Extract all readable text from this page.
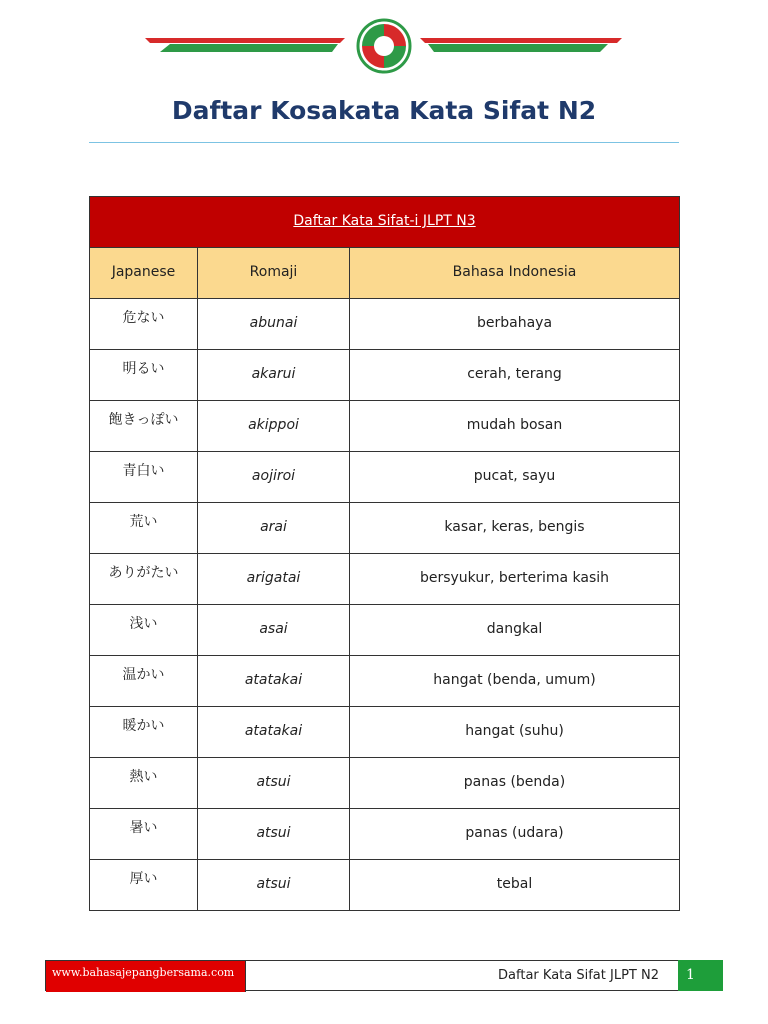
Daftar Kosakata Kata Sifat N2
Daftar Kata Sifat-i JLPT N3		
Japanese	Romaji	Bahasa Indonesia
危ない	abunai	berbahaya
明るい	akarui	cerah, terang
飽きっぽい	akippoi	mudah bosan
青白い	aojiroi	pucat, sayu
荒い	arai	kasar, keras, bengis
ありがたい	arigatai	bersyukur, berterima kasih
浅い	asai	dangkal
温かい	atatakai	hangat (benda, umum)
暖かい	atatakai	hangat (suhu)
熱い	atsui	panas (benda)
暑い	atsui	panas (udara)
厚い	atsui	tebal
www.bahasajepangbersama.com	Daftar Kata Sifat JLPT N2	1
